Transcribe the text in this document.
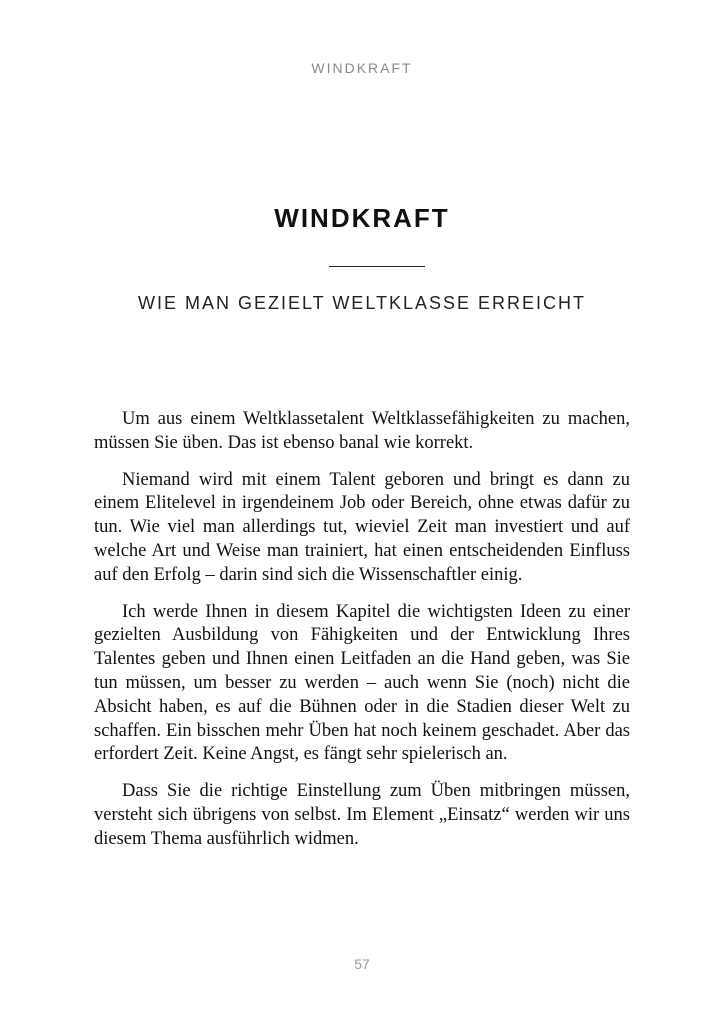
WINDKRAFT
WINDKRAFT
WIE MAN GEZIELT WELTKLASSE ERREICHT

Um aus einem Weltklassetalent Weltklassefähigkeiten zu machen, müssen Sie üben. Das ist ebenso banal wie korrekt.

Niemand wird mit einem Talent geboren und bringt es dann zu einem Elitelevel in irgendeinem Job oder Bereich, ohne etwas dafür zu tun. Wie viel man allerdings tut, wieviel Zeit man investiert und auf welche Art und Weise man trainiert, hat einen entscheidenden Einfluss auf den Erfolg – darin sind sich die Wissenschaftler einig.

Ich werde Ihnen in diesem Kapitel die wichtigsten Ideen zu einer gezielten Ausbildung von Fähigkeiten und der Entwicklung Ihres Talentes geben und Ihnen einen Leitfaden an die Hand geben, was Sie tun müssen, um besser zu werden – auch wenn Sie (noch) nicht die Absicht haben, es auf die Bühnen oder in die Stadien dieser Welt zu schaffen. Ein bisschen mehr Üben hat noch keinem geschadet. Aber das erfordert Zeit. Keine Angst, es fängt sehr spielerisch an.

Dass Sie die richtige Einstellung zum Üben mitbringen müssen, versteht sich übrigens von selbst. Im Element „Einsatz“ werden wir uns diesem Thema ausführlich widmen.

57
